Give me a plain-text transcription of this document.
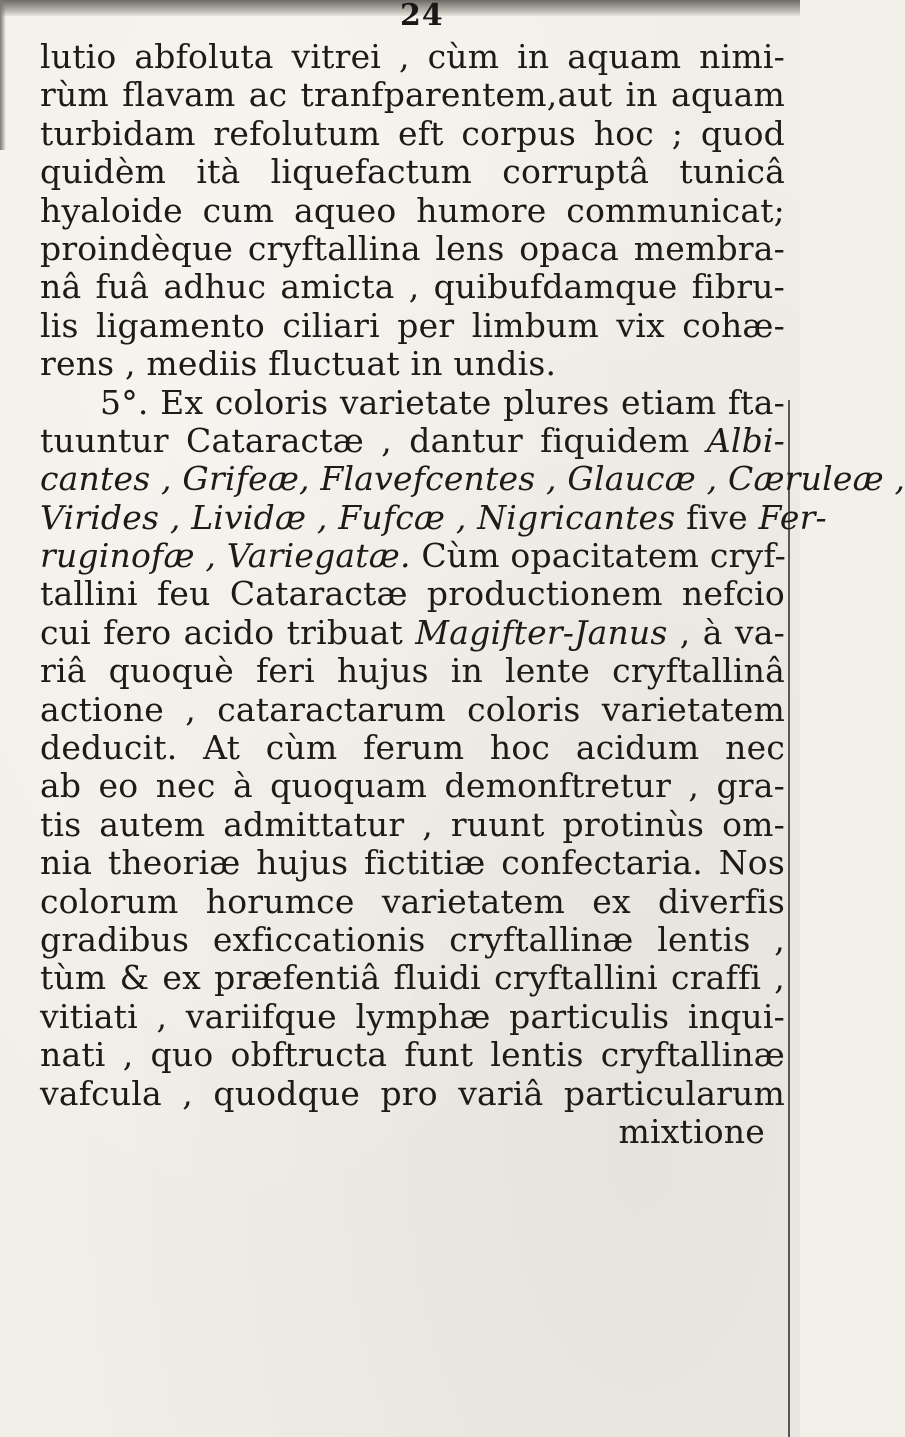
24
lutio abfoluta vitrei , cùm in aquam nimi-
rùm flavam ac tranfparentem,aut in aquam
turbidam refolutum eft corpus hoc ; quod
quidèm ità liquefactum corruptâ tunicâ
hyaloide cum aqueo humore communicat;
proindèque cryftallina lens opaca membra-
nâ fuâ adhuc amicta , quibufdamque fibru-
lis ligamento ciliari per limbum vix cohæ-
rens , mediis fluctuat in undis.
5°. Ex coloris varietate plures etiam fta-
tuuntur Cataractæ , dantur fiquidem Albi-
cantes , Grifeæ, Flavefcentes , Glaucæ , Cæruleæ ,
Virides , Lividæ , Fufcæ , Nigricantes five Fer-
ruginofæ , Variegatæ. Cùm opacitatem cryf-
tallini feu Cataractæ productionem nefcio
cui fero acido tribuat Magifter-Janus , à va-
riâ quoquè feri hujus in lente cryftallinâ
actione , cataractarum coloris varietatem
deducit. At cùm ferum hoc acidum nec
ab eo nec à quoquam demonftretur , gra-
tis autem admittatur , ruunt protinùs om-
nia theoriæ hujus fictitiæ confectaria. Nos
colorum horumce varietatem ex diverfis
gradibus exficcationis cryftallinæ lentis ,
tùm & ex præfentiâ fluidi cryftallini craffi ,
vitiati , variifque lymphæ particulis inqui-
nati , quo obftructa funt lentis cryftallinæ
vafcula , quodque pro variâ particularum
mixtione
